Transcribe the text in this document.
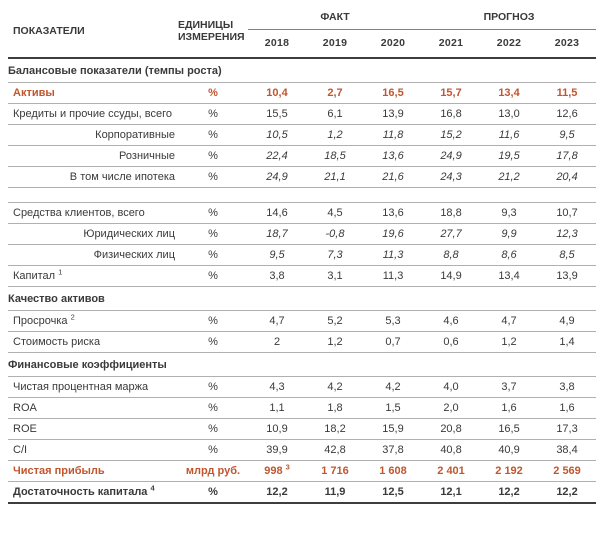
ПОКАЗАТЕЛИ	ЕДИНИЦЫ ИЗМЕРЕНИЯ	ФАКТ			ПРОГНОЗ		
		2018	2019	2020	2021	2022	2023
Балансовые показатели (темпы роста)							
Активы	%	10,4	2,7	16,5	15,7	13,4	11,5
Кредиты и прочие ссуды, всего	%	15,5	6,1	13,9	16,8	13,0	12,6
Корпоративные	%	10,5	1,2	11,8	15,2	11,6	9,5
Розничные	%	22,4	18,5	13,6	24,9	19,5	17,8
В том числе ипотека	%	24,9	21,1	21,6	24,3	21,2	20,4

Средства клиентов, всего	%	14,6	4,5	13,6	18,8	9,3	10,7
Юридических лиц	%	18,7	-0,8	19,6	27,7	9,9	12,3
Физических лиц	%	9,5	7,3	11,3	8,8	8,6	8,5
Капитал $^1$	%	3,8	3,1	11,3	14,9	13,4	13,9
Качество активов							
Просрочка $^2$	%	4,7	5,2	5,3	4,6	4,7	4,9
Стоимость риска	%	2	1,2	0,7	0,6	1,2	1,4
Финансовые коэффициенты							
Чистая процентная маржа	%	4,3	4,2	4,2	4,0	3,7	3,8
ROA	%	1,1	1,8	1,5	2,0	1,6	1,6
ROE	%	10,9	18,2	15,9	20,8	16,5	17,3
C/I	%	39,9	42,8	37,8	40,8	40,9	38,4
Чистая прибыль	млрд руб.	998 $^3$	1 716	1 608	2 401	2 192	2 569
Достаточность капитала $^4$	%	12,2	11,9	12,5	12,1	12,2	12,2
